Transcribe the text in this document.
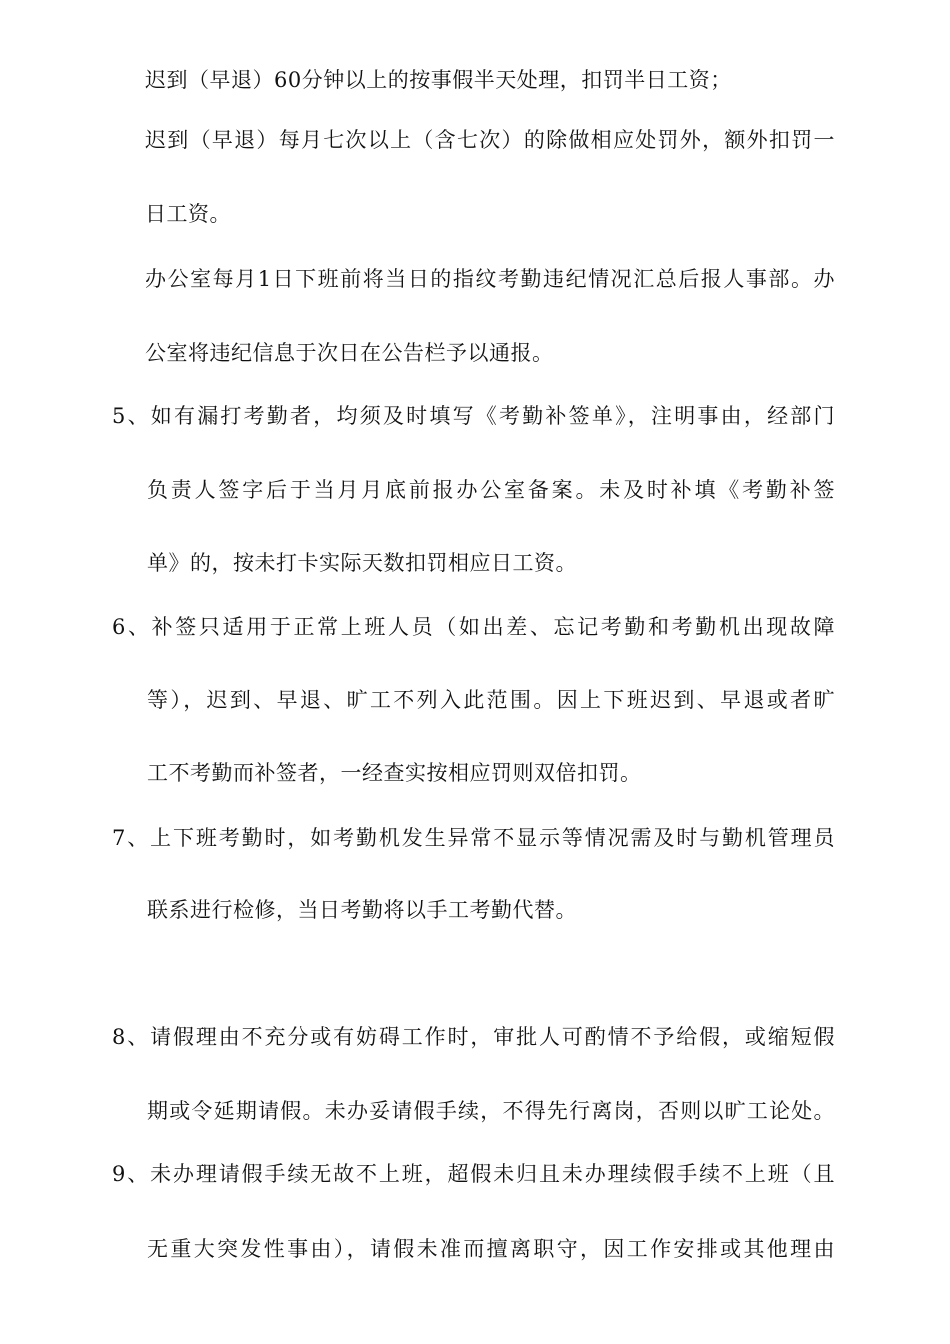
迟到（早退）60分钟以上的按事假半天处理，扣罚半日工资；
迟到（早退）每月七次以上（含七次）的除做相应处罚外，额外扣罚一
日工资。
办公室每月1日下班前将当日的指纹考勤违纪情况汇总后报人事部。办
公室将违纪信息于次日在公告栏予以通报。
5、如有漏打考勤者，均须及时填写《考勤补签单》，注明事由，经部门
负责人签字后于当月月底前报办公室备案。未及时补填《考勤补签
单》的，按未打卡实际天数扣罚相应日工资。
6、补签只适用于正常上班人员（如出差、忘记考勤和考勤机出现故障
等），迟到、早退、旷工不列入此范围。因上下班迟到、早退或者旷
工不考勤而补签者，一经查实按相应罚则双倍扣罚。
7、上下班考勤时，如考勤机发生异常不显示等情况需及时与勤机管理员
联系进行检修，当日考勤将以手工考勤代替。
8、请假理由不充分或有妨碍工作时，审批人可酌情不予给假，或缩短假
期或令延期请假。未办妥请假手续，不得先行离岗，否则以旷工论处。
9、未办理请假手续无故不上班，超假未归且未办理续假手续不上班（且
无重大突发性事由），请假未准而擅离职守，因工作安排或其他理由
